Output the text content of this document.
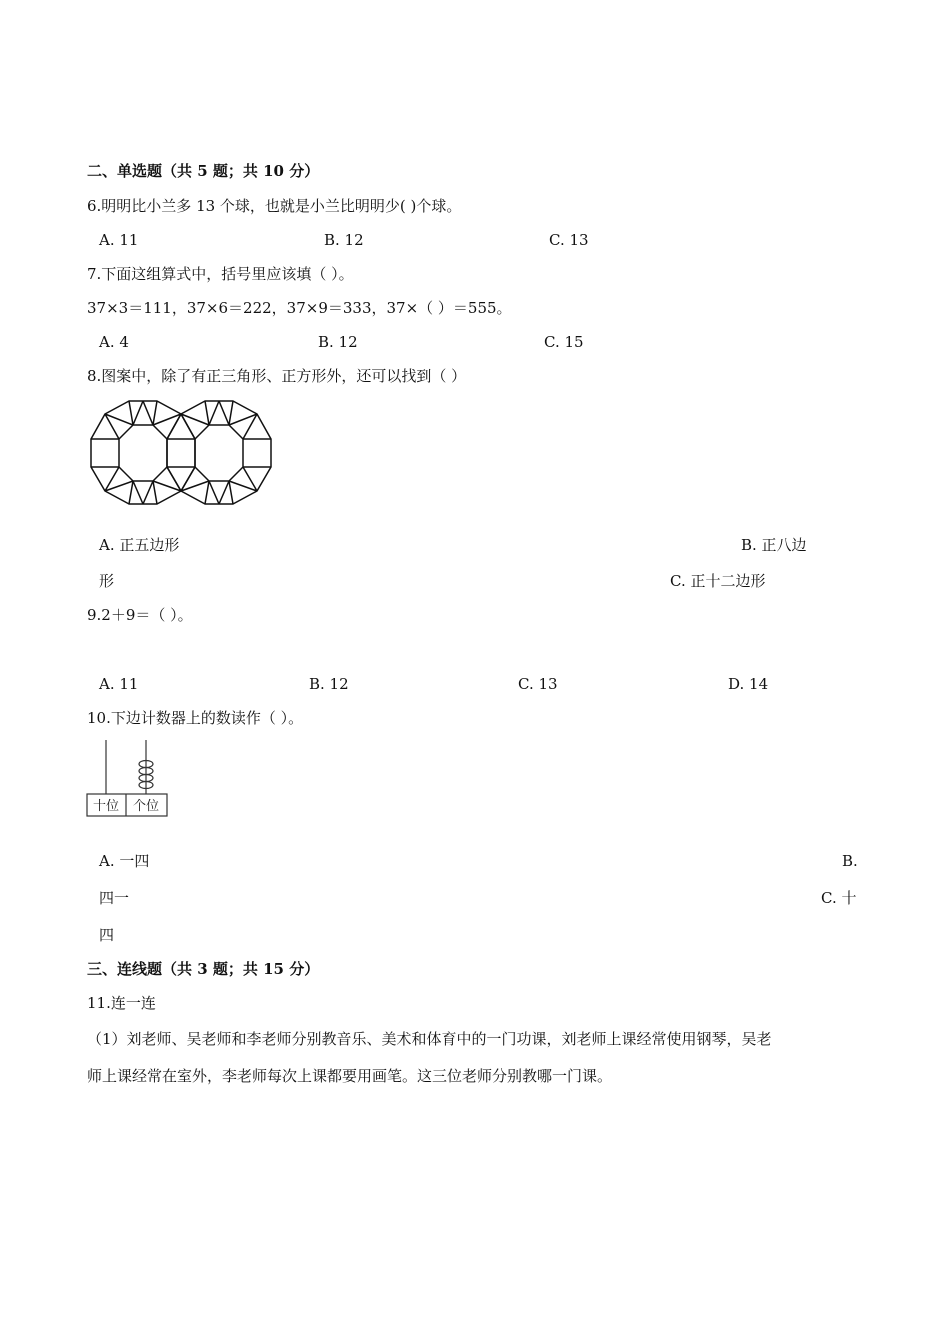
二、单选题（共 5 题；共 10 分）
6.明明比小兰多 13 个球，也就是小兰比明明少( )个球。
A. 11	B. 12	C. 13
7.下面这组算式中，括号里应该填（ ）。
37×3＝111，37×6＝222，37×9＝333，37×（ ）＝555。
A. 4	B. 12	C. 15
8.图案中，除了有正三角形、正方形外，还可以找到（ ）
A. 正五边形	B. 正八边
形	C. 正十二边形
9.2＋9＝（ ）。
A. 11	B. 12	C. 13	D. 14
10.下边计数器上的数读作（ ）。
十位 个位
A. 一四	B.
四一	C. 十
四
三、连线题（共 3 题；共 15 分）
11.连一连
（1）刘老师、吴老师和李老师分别教音乐、美术和体育中的一门功课，刘老师上课经常使用钢琴，吴老
师上课经常在室外，李老师每次上课都要用画笔。这三位老师分别教哪一门课。
